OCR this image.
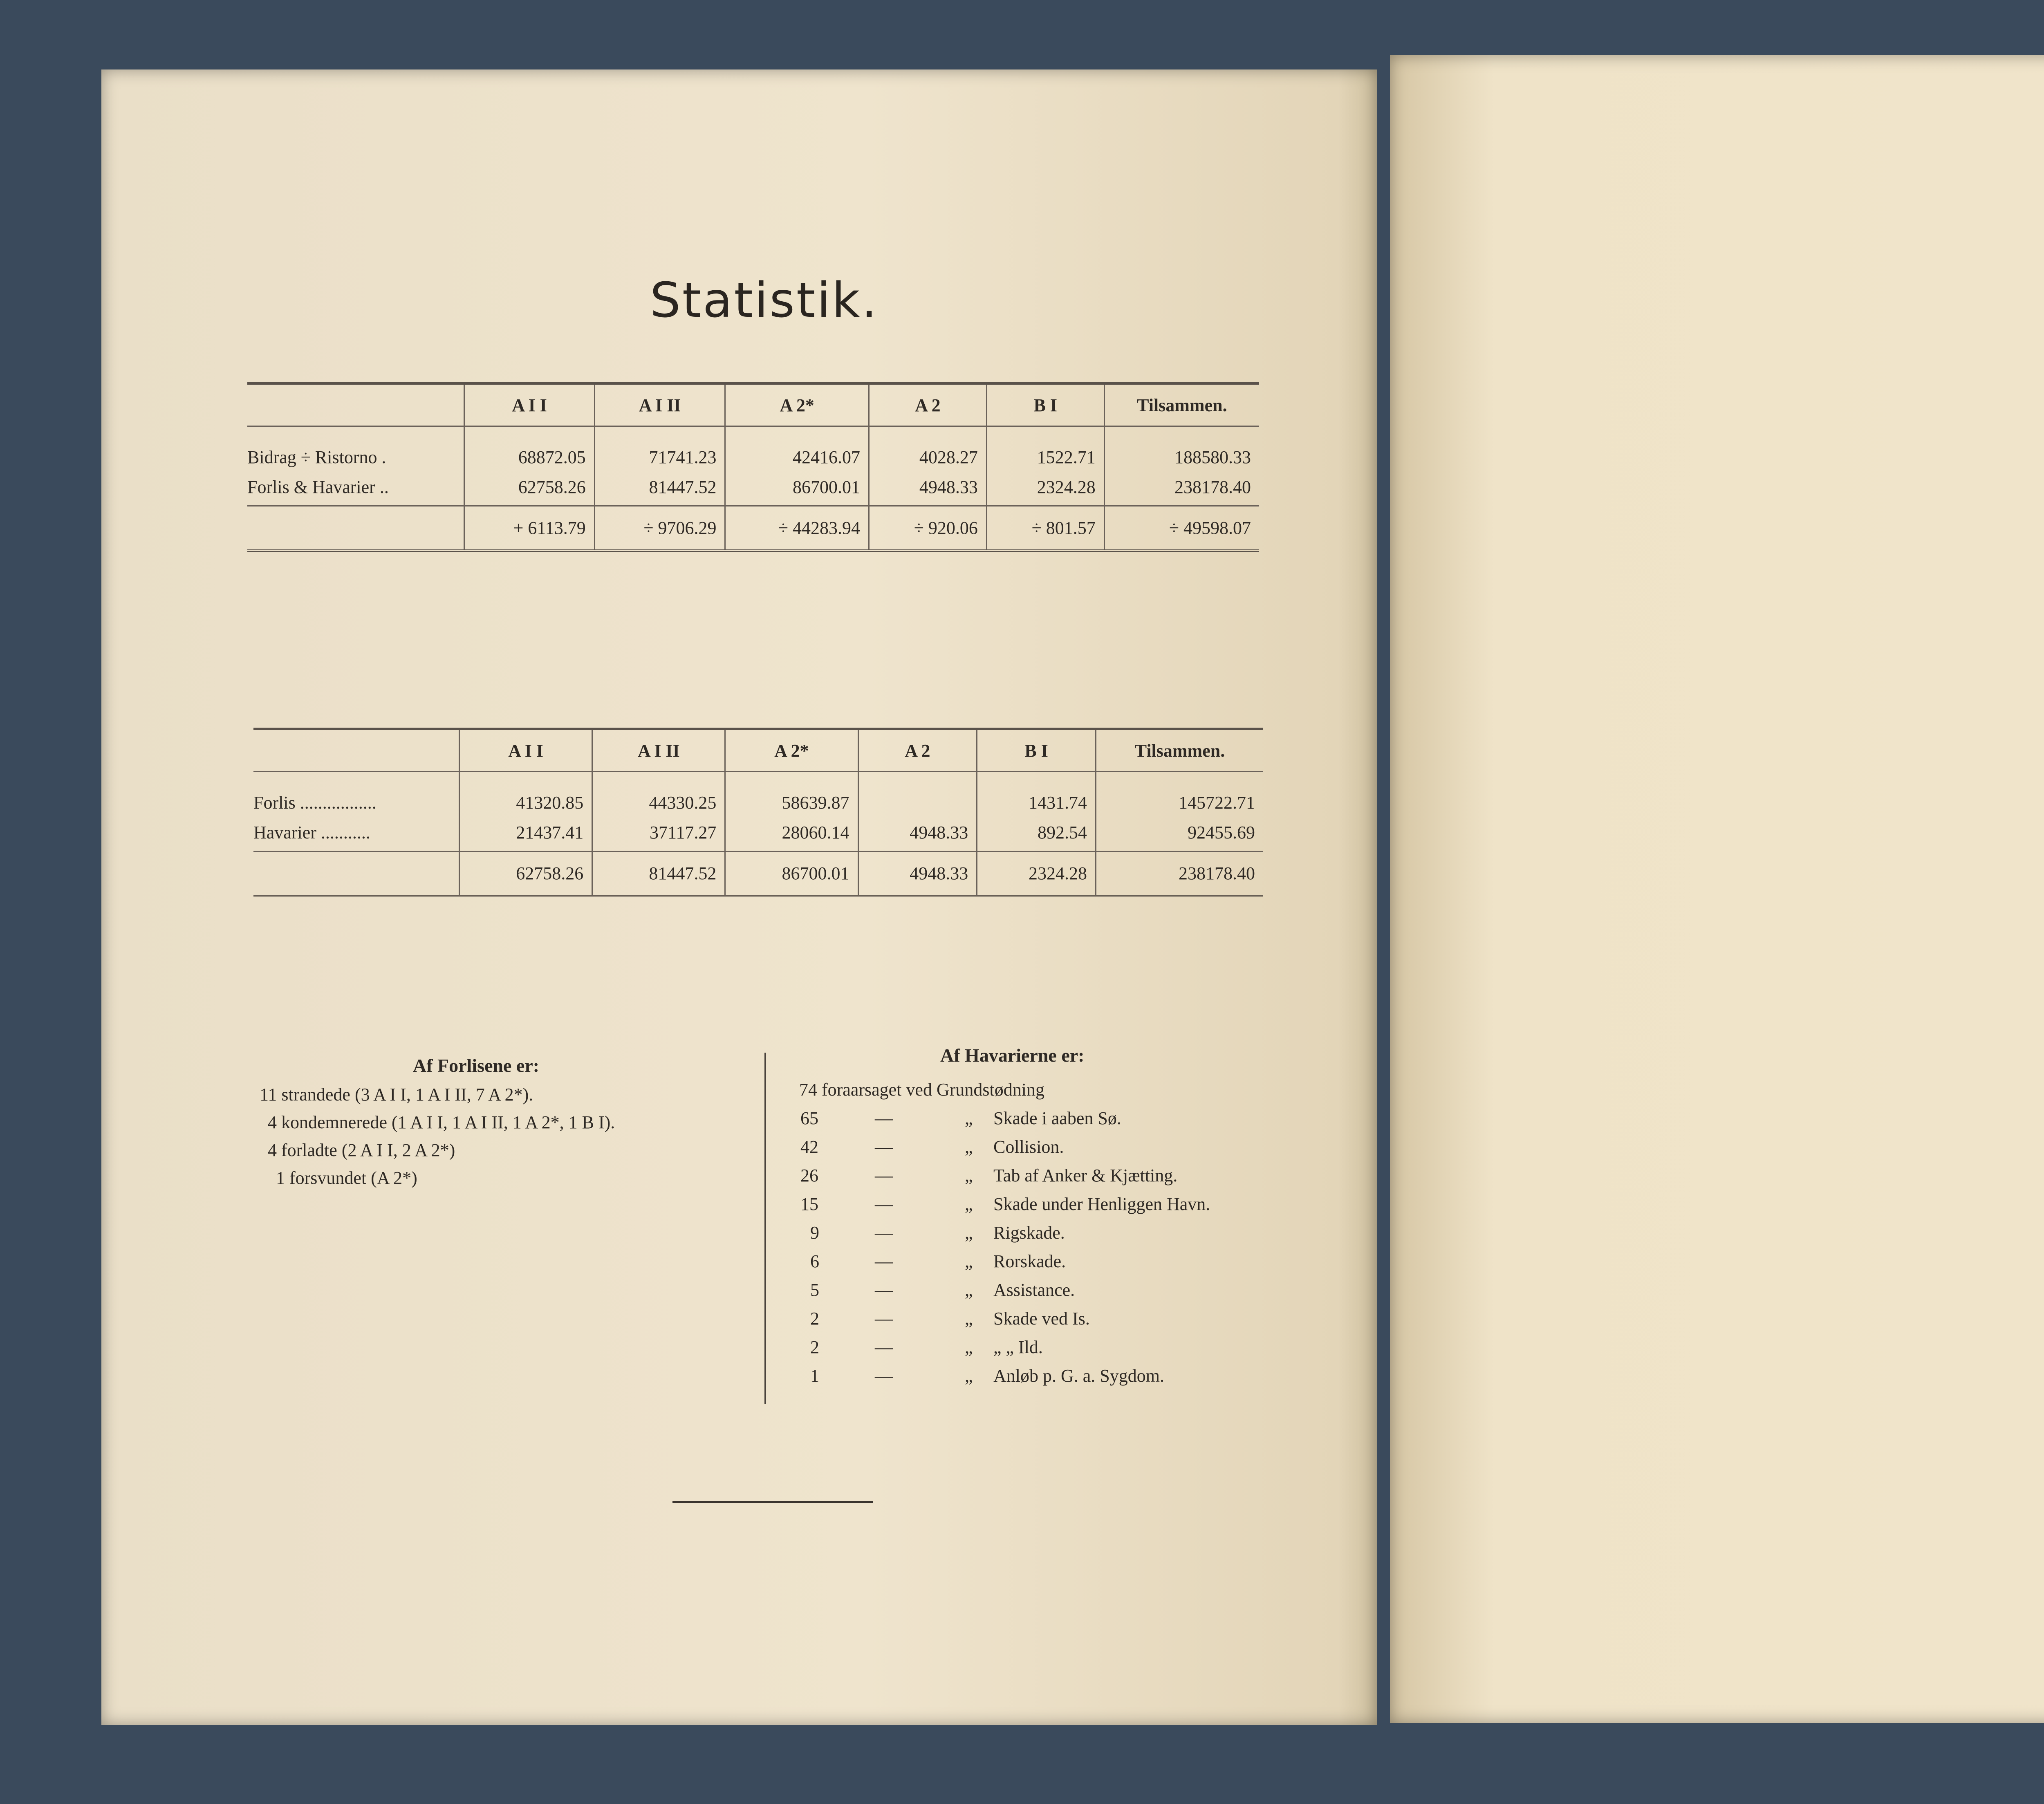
Statistik.
	A I I	A I II	A 2*	A 2	B I	Tilsammen.
Bidrag ÷ Ristorno .	68872.05	71741.23	42416.07	4028.27	1522.71	188580.33
Forlis & Havarier ..	62758.26	81447.52	86700.01	4948.33	2324.28	238178.40
	+ 6113.79	÷ 9706.29	÷ 44283.94	÷ 920.06	÷ 801.57	÷ 49598.07
	A I I	A I II	A 2*	A 2	B I	Tilsammen.
Forlis .................	41320.85	44330.25	58639.87		1431.74	145722.71
Havarier ...........	21437.41	37117.27	28060.14	4948.33	892.54	92455.69
	62758.26	81447.52	86700.01	4948.33	2324.28	238178.40
Af Forlisene er:
11 strandede (3 A I I, 1 A I II, 7 A 2*).
4 kondemnerede (1 A I I, 1 A I II, 1 A 2*, 1 B I).
4 forladte (2 A I I, 2 A 2*)
1 forsvundet (A 2*)
Af Havarierne er:
74 foraarsaget ved Grundstødning
65	—	„ Skade i aaben Sø.
42	—	„ Collision.
26	—	„ Tab af Anker & Kjætting.
15	—	„ Skade under Henliggen Havn.
9	—	„ Rigskade.
6	—	„ Rorskade.
5	—	„ Assistance.
2	—	„ Skade ved Is.
2	—	„ „ „ Ild.
1	—	„ Anløb p. G. a. Sygdom.
